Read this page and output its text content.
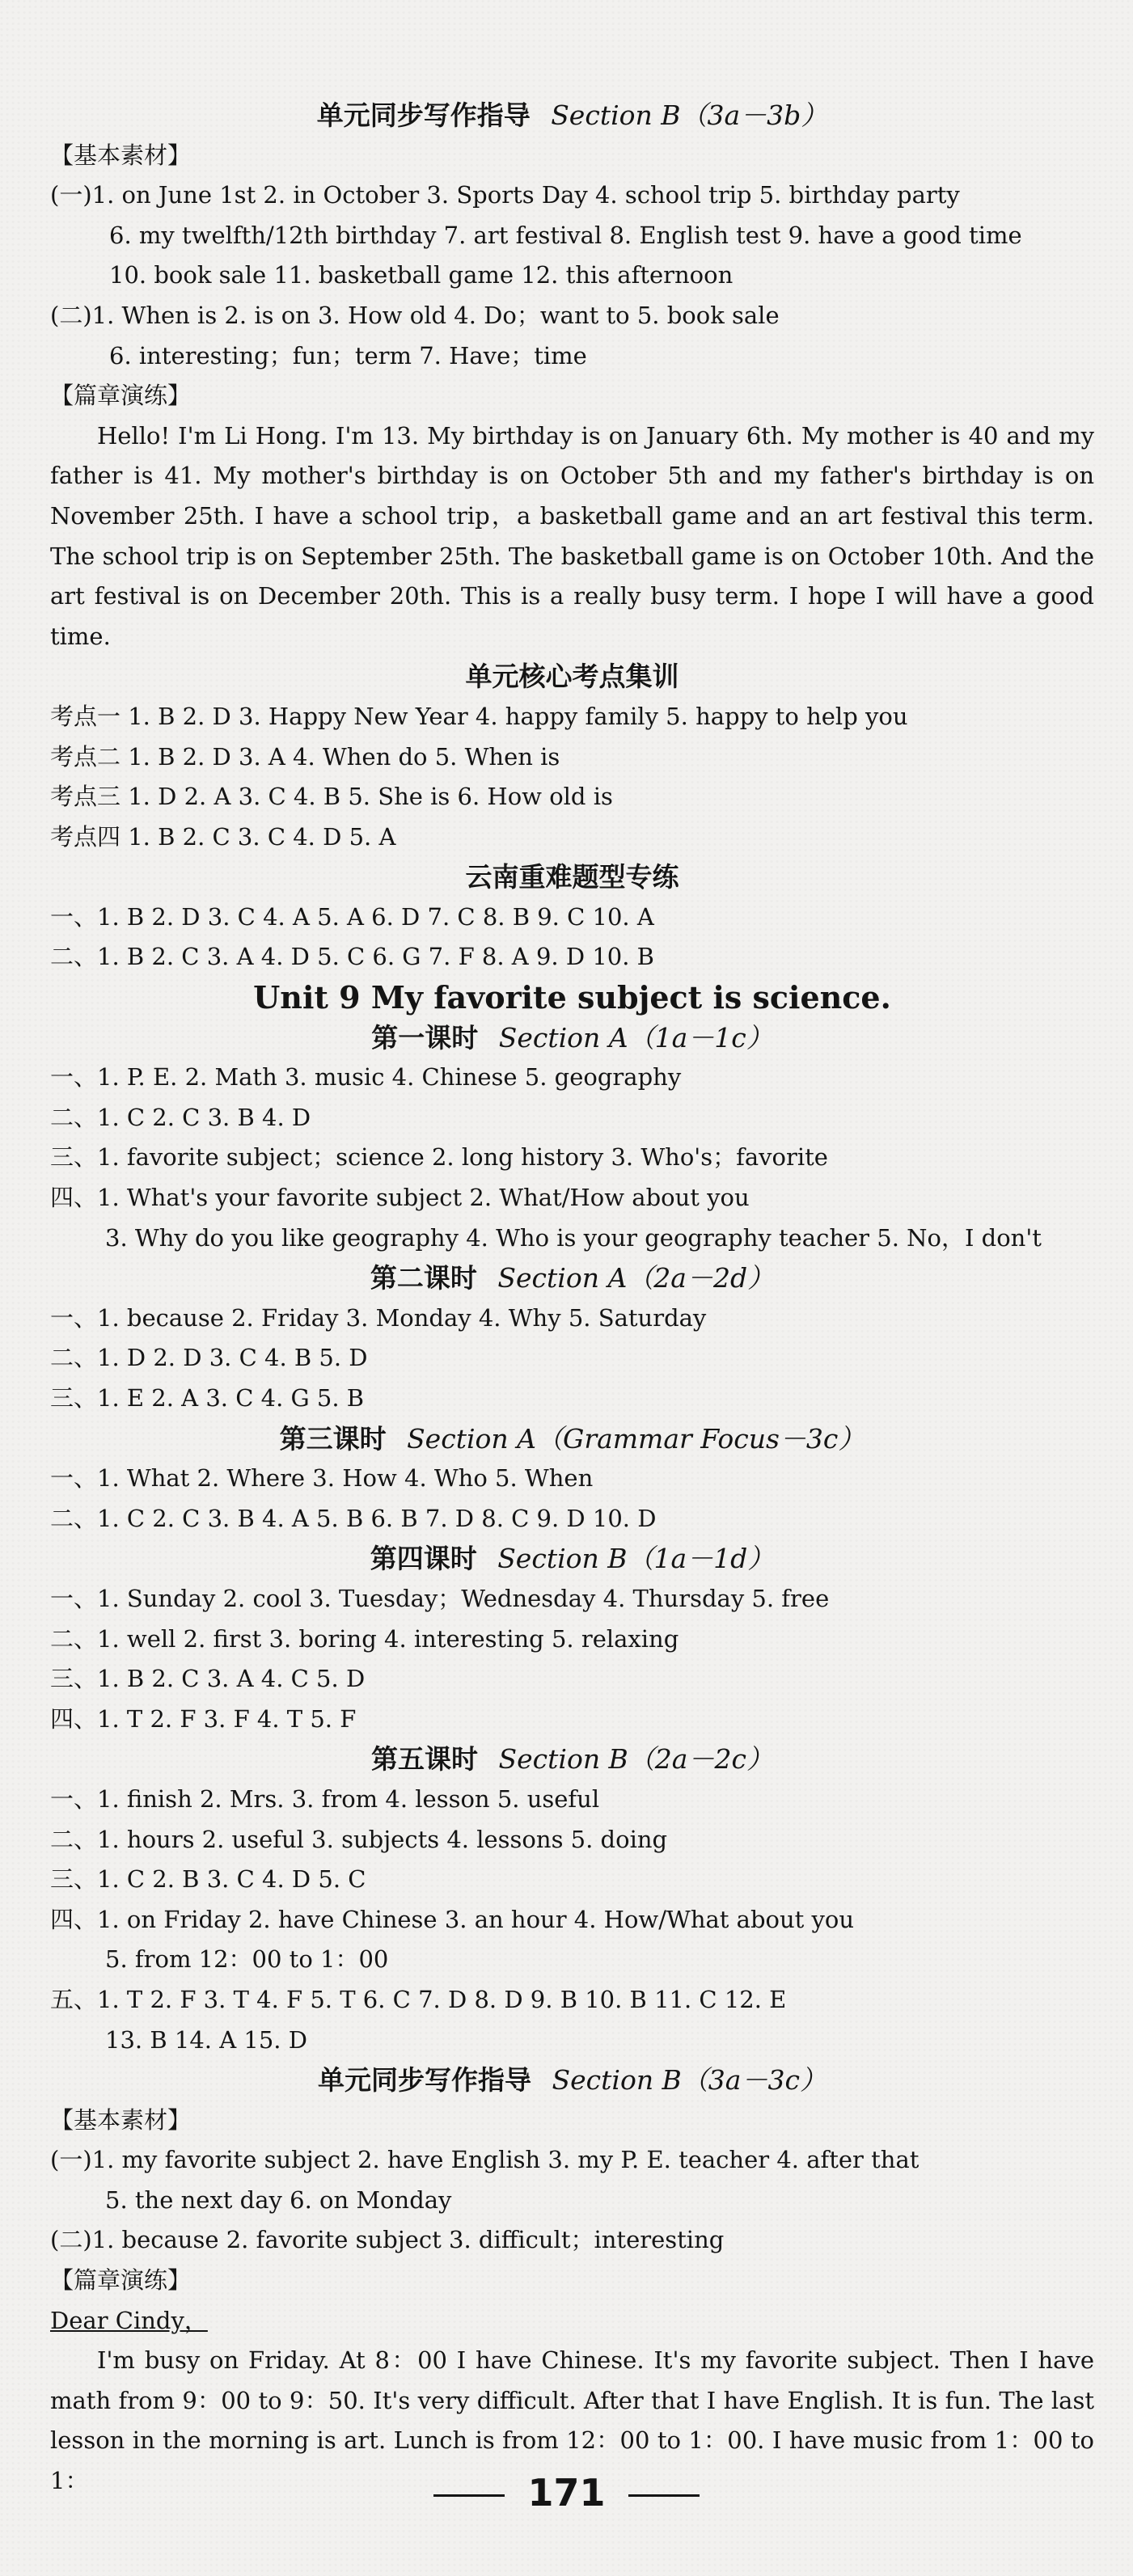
单元同步写作指导 Section B（3a－3b）
【基本素材】
(一)1. on June 1st 2. in October 3. Sports Day 4. school trip 5. birthday party
6. my twelfth/12th birthday 7. art festival 8. English test 9. have a good time
10. book sale 11. basketball game 12. this afternoon
(二)1. When is 2. is on 3. How old 4. Do；want to 5. book sale
6. interesting；fun；term 7. Have；time
【篇章演练】

Hello! I'm Li Hong. I'm 13. My birthday is on January 6th. My mother is 40 and my father is 41. My mother's birthday is on October 5th and my father's birthday is on November 25th. I have a school trip，a basketball game and an art festival this term. The school trip is on September 25th. The basketball game is on October 10th. And the art festival is on December 20th. This is a really busy term. I hope I will have a good time.

单元核心考点集训
考点一 1. B 2. D 3. Happy New Year 4. happy family 5. happy to help you
考点二 1. B 2. D 3. A 4. When do 5. When is
考点三 1. D 2. A 3. C 4. B 5. She is 6. How old is
考点四 1. B 2. C 3. C 4. D 5. A
云南重难题型专练
一、1. B 2. D 3. C 4. A 5. A 6. D 7. C 8. B 9. C 10. A
二、1. B 2. C 3. A 4. D 5. C 6. G 7. F 8. A 9. D 10. B
Unit 9 My favorite subject is science.
第一课时 Section A（1a－1c）
一、1. P. E. 2. Math 3. music 4. Chinese 5. geography
二、1. C 2. C 3. B 4. D
三、1. favorite subject；science 2. long history 3. Who's；favorite
四、1. What's your favorite subject 2. What/How about you
3. Why do you like geography 4. Who is your geography teacher 5. No，I don't
第二课时 Section A（2a－2d）
一、1. because 2. Friday 3. Monday 4. Why 5. Saturday
二、1. D 2. D 3. C 4. B 5. D
三、1. E 2. A 3. C 4. G 5. B
第三课时 Section A（Grammar Focus－3c）
一、1. What 2. Where 3. How 4. Who 5. When
二、1. C 2. C 3. B 4. A 5. B 6. B 7. D 8. C 9. D 10. D
第四课时 Section B（1a－1d）
一、1. Sunday 2. cool 3. Tuesday；Wednesday 4. Thursday 5. free
二、1. well 2. first 3. boring 4. interesting 5. relaxing
三、1. B 2. C 3. A 4. C 5. D
四、1. T 2. F 3. F 4. T 5. F
第五课时 Section B（2a－2c）
一、1. finish 2. Mrs. 3. from 4. lesson 5. useful
二、1. hours 2. useful 3. subjects 4. lessons 5. doing
三、1. C 2. B 3. C 4. D 5. C
四、1. on Friday 2. have Chinese 3. an hour 4. How/What about you
5. from 12：00 to 1：00
五、1. T 2. F 3. T 4. F 5. T 6. C 7. D 8. D 9. B 10. B 11. C 12. E
13. B 14. A 15. D
单元同步写作指导 Section B（3a－3c）
【基本素材】
(一)1. my favorite subject 2. have English 3. my P. E. teacher 4. after that
5. the next day 6. on Monday
(二)1. because 2. favorite subject 3. difficult；interesting
【篇章演练】
Dear Cindy，

I'm busy on Friday. At 8：00 I have Chinese. It's my favorite subject. Then I have math from 9：00 to 9：50. It's very difficult. After that I have English. It is fun. The last lesson in the morning is art. Lunch is from 12：00 to 1：00. I have music from 1：00 to 1：	171
